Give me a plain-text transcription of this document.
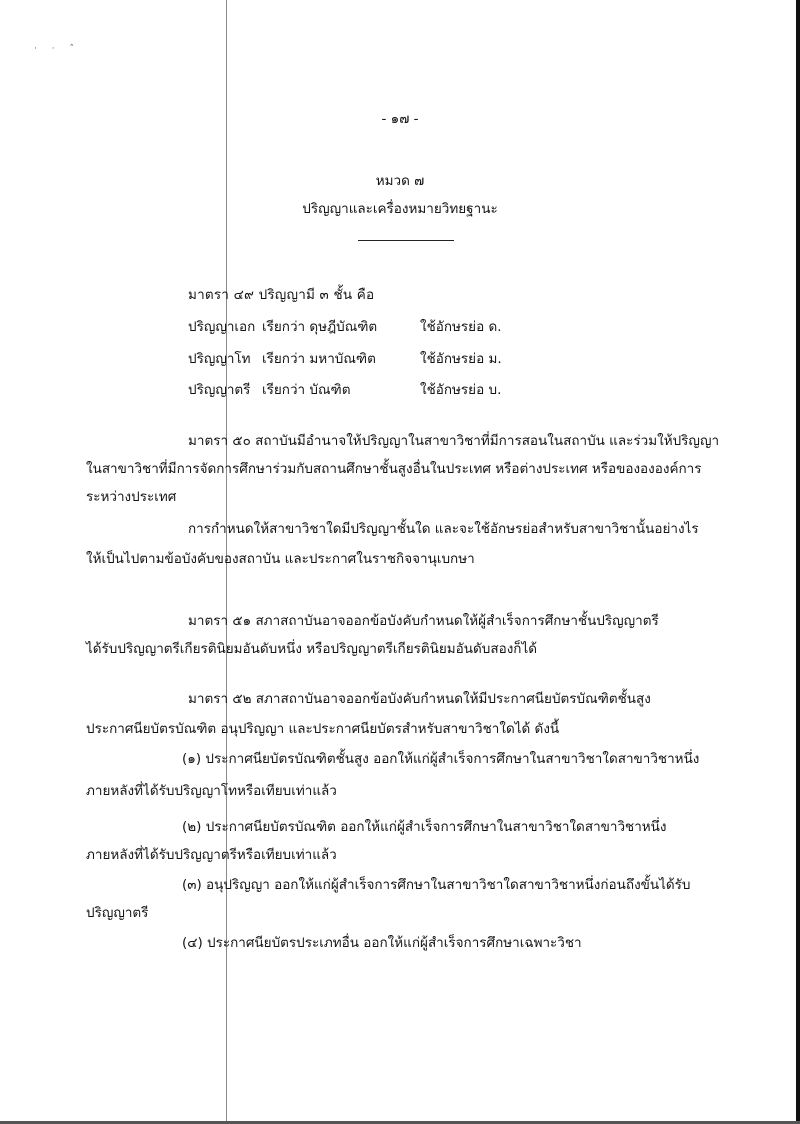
· · ˄
- ๑๗ -
หมวด ๗
ปริญญาและเครื่องหมายวิทยฐานะ
มาตรา ๔๙ ปริญญามี ๓ ชั้น คือ
ปริญญาเอก เรียกว่า ดุษฎีบัณฑิต	ใช้อักษรย่อ ด.
ปริญญาโท เรียกว่า มหาบัณฑิต	ใช้อักษรย่อ ม.
ปริญญาตรี เรียกว่า บัณฑิต	ใช้อักษรย่อ บ.
มาตรา ๕๐ สถาบันมีอำนาจให้ปริญญาในสาขาวิชาที่มีการสอนในสถาบัน และร่วมให้ปริญญา
ในสาขาวิชาที่มีการจัดการศึกษาร่วมกับสถานศึกษาชั้นสูงอื่นในประเทศ หรือต่างประเทศ หรือของององค์การ
ระหว่างประเทศ
การกำหนดให้สาขาวิชาใดมีปริญญาชั้นใด และจะใช้อักษรย่อสำหรับสาขาวิชานั้นอย่างไร
ให้เป็นไปตามข้อบังคับของสถาบัน และประกาศในราชกิจจานุเบกษา
มาตรา ๕๑ สภาสถาบันอาจออกข้อบังคับกำหนดให้ผู้สำเร็จการศึกษาชั้นปริญญาตรี
ได้รับปริญญาตรีเกียรตินิยมอันดับหนึ่ง หรือปริญญาตรีเกียรตินิยมอันดับสองก็ได้
มาตรา ๕๒ สภาสถาบันอาจออกข้อบังคับกำหนดให้มีประกาศนียบัตรบัณฑิตชั้นสูง
ประกาศนียบัตรบัณฑิต อนุปริญญา และประกาศนียบัตรสำหรับสาขาวิชาใดได้ ดังนี้
(๑) ประกาศนียบัตรบัณฑิตชั้นสูง ออกให้แก่ผู้สำเร็จการศึกษาในสาขาวิชาใดสาขาวิชาหนึ่ง
ภายหลังที่ได้รับปริญญาโทหรือเทียบเท่าแล้ว
(๒) ประกาศนียบัตรบัณฑิต ออกให้แก่ผู้สำเร็จการศึกษาในสาขาวิชาใดสาขาวิชาหนึ่ง
ภายหลังที่ได้รับปริญญาตรีหรือเทียบเท่าแล้ว
(๓) อนุปริญญา ออกให้แก่ผู้สำเร็จการศึกษาในสาขาวิชาใดสาขาวิชาหนึ่งก่อนถึงขั้นได้รับ
ปริญญาตรี
(๔) ประกาศนียบัตรประเภทอื่น ออกให้แก่ผู้สำเร็จการศึกษาเฉพาะวิชา
